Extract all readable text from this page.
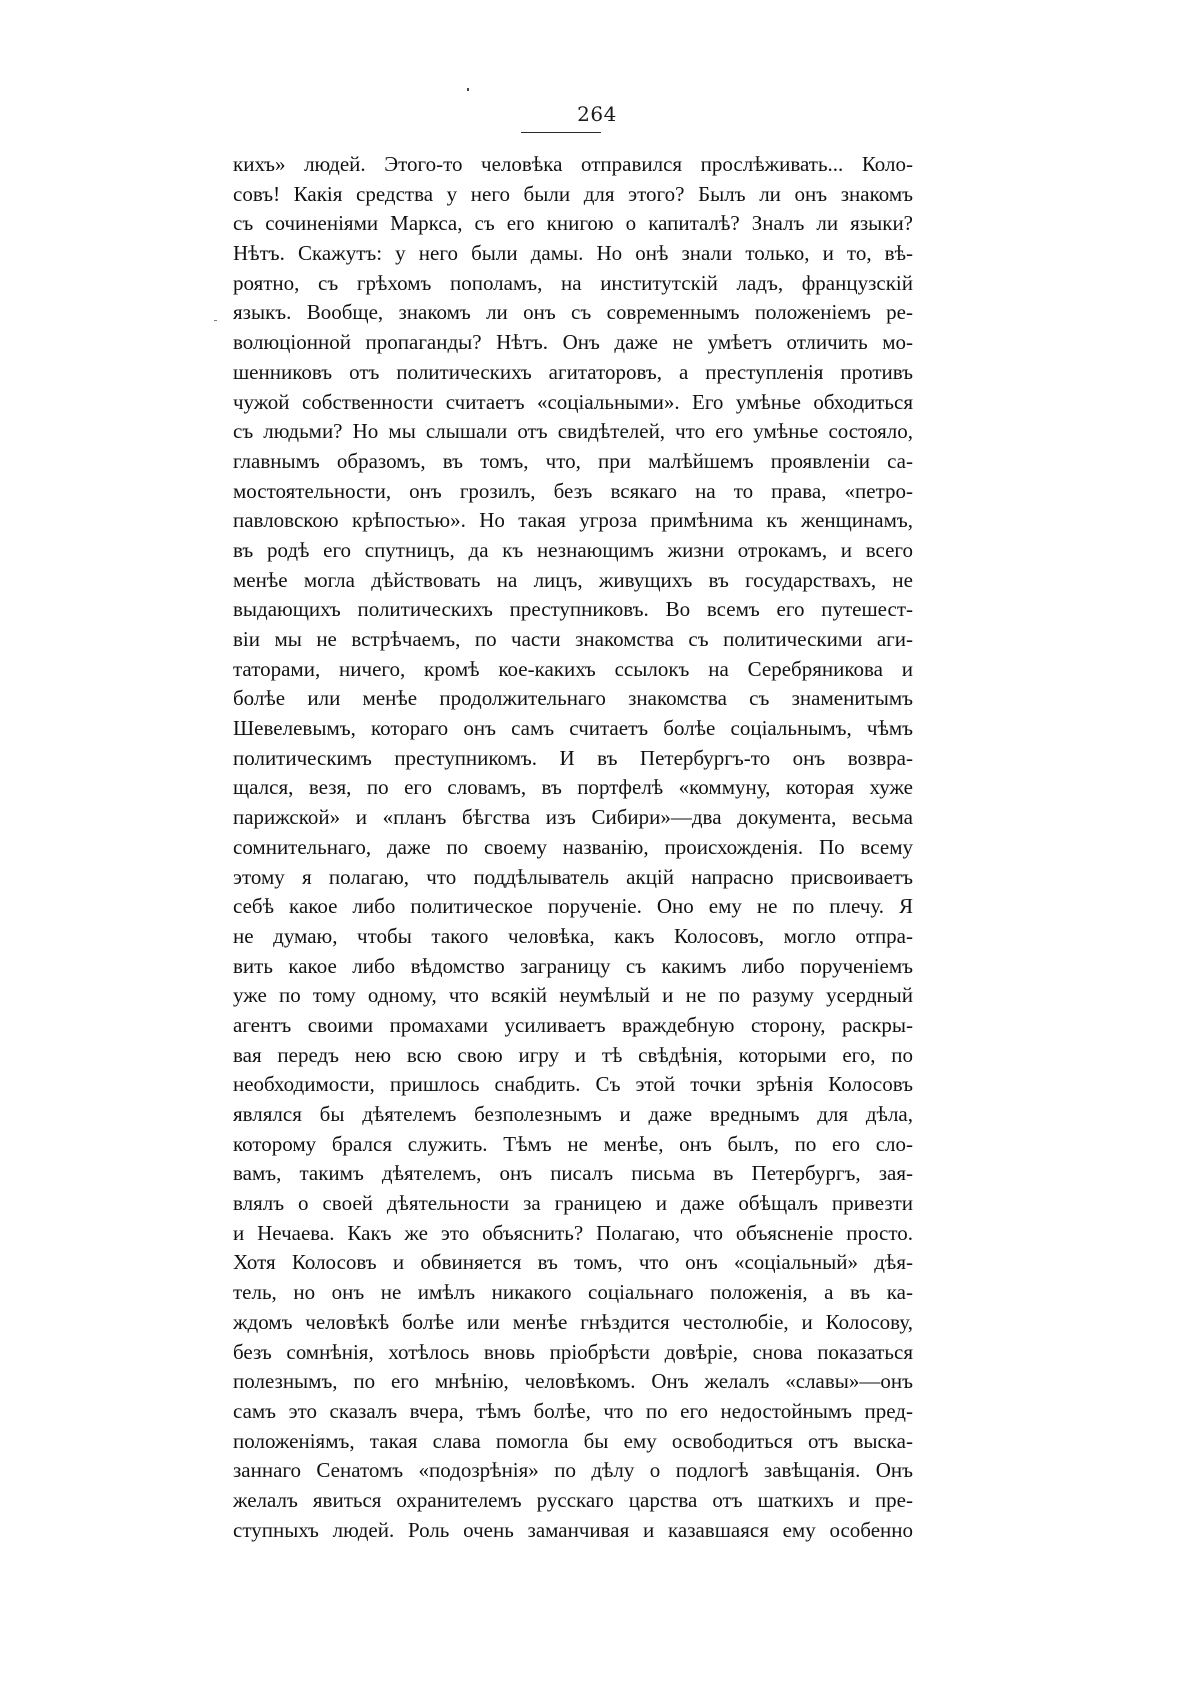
264
кихъ» людей. Этого-то человѣка отправился прослѣживать... Коло-
совъ! Какія средства у него были для этого? Былъ ли онъ знакомъ
съ сочиненіями Маркса, съ его книгою о капиталѣ? Зналъ ли языки?
Нѣтъ. Скажутъ: у него были дамы. Но онѣ знали только, и то, вѣ-
роятно, съ грѣхомъ пополамъ, на институтскій ладъ, французскій
языкъ. Вообще, знакомъ ли онъ съ современнымъ положеніемъ ре-
волюціонной пропаганды? Нѣтъ. Онъ даже не умѣетъ отличить мо-
шенниковъ отъ политическихъ агитаторовъ, а преступленія противъ
чужой собственности считаетъ «соціальными». Его умѣнье обходиться
съ людьми? Но мы слышали отъ свидѣтелей, что его умѣнье состояло,
главнымъ образомъ, въ томъ, что, при малѣйшемъ проявленіи са-
мостоятельности, онъ грозилъ, безъ всякаго на то права, «петро-
павловскою крѣпостью». Но такая угроза примѣнима къ женщинамъ,
въ родѣ его спутницъ, да къ незнающимъ жизни отрокамъ, и всего
менѣе могла дѣйствовать на лицъ, живущихъ въ государствахъ, не
выдающихъ политическихъ преступниковъ. Во всемъ его путешест-
віи мы не встрѣчаемъ, по части знакомства съ политическими аги-
таторами, ничего, кромѣ кое-какихъ ссылокъ на Серебряникова и
болѣе или менѣе продолжительнаго знакомства съ знаменитымъ
Шевелевымъ, котораго онъ самъ считаетъ болѣе соціальнымъ, чѣмъ
политическимъ преступникомъ. И въ Петербургъ-то онъ возвра-
щался, везя, по его словамъ, въ портфелѣ «коммуну, которая хуже
парижской» и «планъ бѣгства изъ Сибири»—два документа, весьма
сомнительнаго, даже по своему названію, происхожденія. По всему
этому я полагаю, что поддѣлыватель акцій напрасно присвоиваетъ
себѣ какое либо политическое порученіе. Оно ему не по плечу. Я
не думаю, чтобы такого человѣка, какъ Колосовъ, могло отпра-
вить какое либо вѣдомство заграницу съ какимъ либо порученіемъ
уже по тому одному, что всякій неумѣлый и не по разуму усердный
агентъ своими промахами усиливаетъ враждебную сторону, раскры-
вая передъ нею всю свою игру и тѣ свѣдѣнія, которыми его, по
необходимости, пришлось снабдить. Съ этой точки зрѣнія Колосовъ
являлся бы дѣятелемъ безполезнымъ и даже вреднымъ для дѣла,
которому брался служить. Тѣмъ не менѣе, онъ былъ, по его сло-
вамъ, такимъ дѣятелемъ, онъ писалъ письма въ Петербургъ, зая-
влялъ о своей дѣятельности за границею и даже обѣщалъ привезти
и Нечаева. Какъ же это объяснить? Полагаю, что объясненіе просто.
Хотя Колосовъ и обвиняется въ томъ, что онъ «соціальный» дѣя-
тель, но онъ не имѣлъ никакого соціальнаго положенія, а въ ка-
ждомъ человѣкѣ болѣе или менѣе гнѣздится честолюбіе, и Колосову,
безъ сомнѣнія, хотѣлось вновь пріобрѣсти довѣріе, снова показаться
полезнымъ, по его мнѣнію, человѣкомъ. Онъ желалъ «славы»—онъ
самъ это сказалъ вчера, тѣмъ болѣе, что по его недостойнымъ пред-
положеніямъ, такая слава помогла бы ему освободиться отъ выска-
заннаго Сенатомъ «подозрѣнія» по дѣлу о подлогѣ завѣщанія. Онъ
желалъ явиться охранителемъ русскаго царства отъ шаткихъ и пре-
ступныхъ людей. Роль очень заманчивая и казавшаяся ему особенно
